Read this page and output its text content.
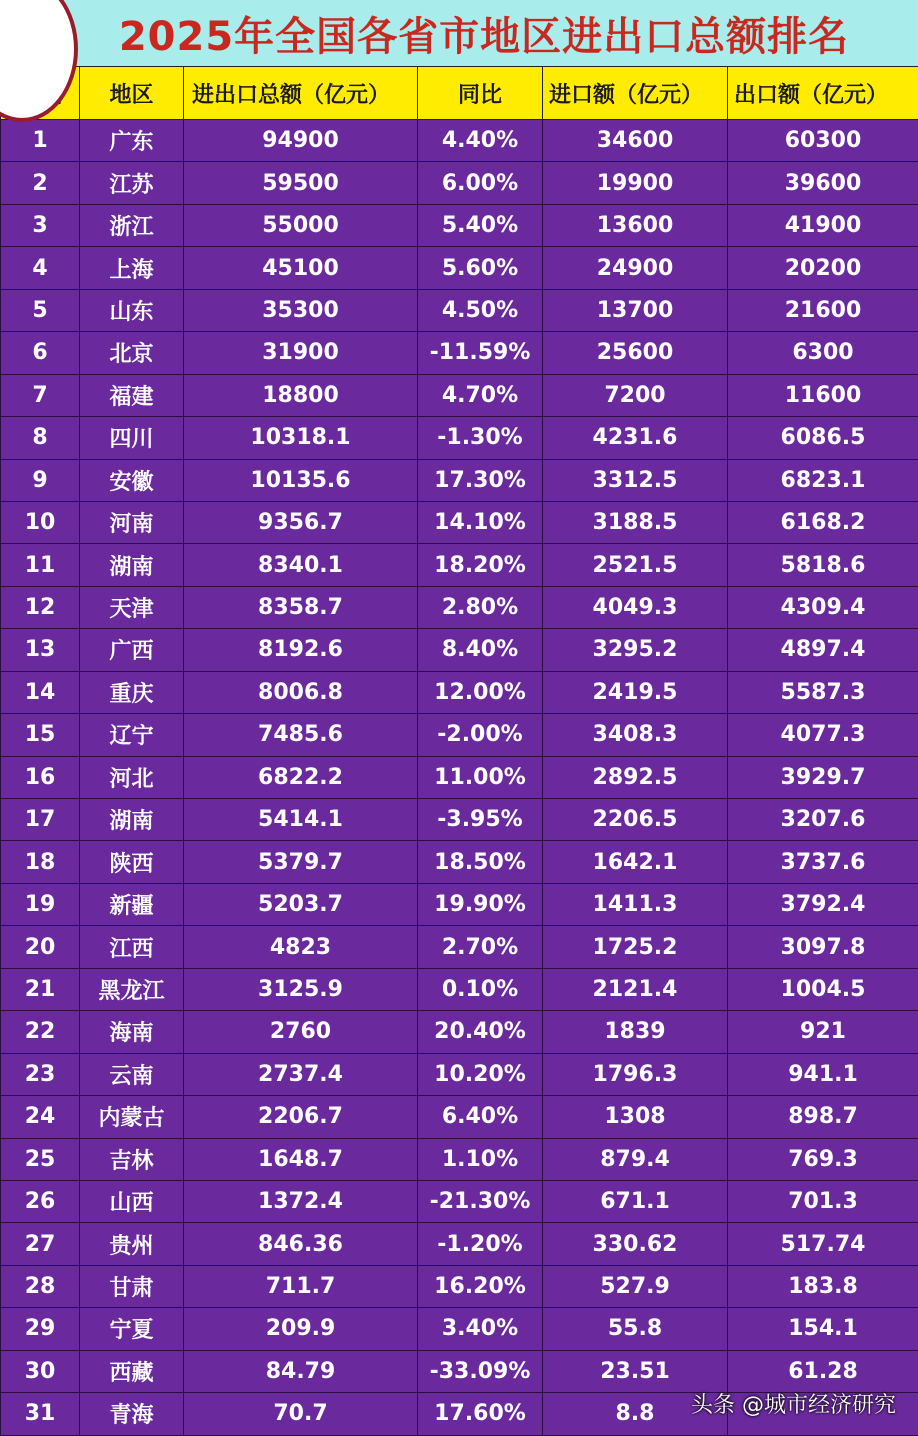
2025年全国各省市地区进出口总额排名
	地区	进出口总额（亿元）	同比	进口额（亿元）	出口额（亿元）
1	广东	94900	4.40%	34600	60300
2	江苏	59500	6.00%	19900	39600
3	浙江	55000	5.40%	13600	41900
4	上海	45100	5.60%	24900	20200
5	山东	35300	4.50%	13700	21600
6	北京	31900	-11.59%	25600	6300
7	福建	18800	4.70%	7200	11600
8	四川	10318.1	-1.30%	4231.6	6086.5
9	安徽	10135.6	17.30%	3312.5	6823.1
10	河南	9356.7	14.10%	3188.5	6168.2
11	湖南	8340.1	18.20%	2521.5	5818.6
12	天津	8358.7	2.80%	4049.3	4309.4
13	广西	8192.6	8.40%	3295.2	4897.4
14	重庆	8006.8	12.00%	2419.5	5587.3
15	辽宁	7485.6	-2.00%	3408.3	4077.3
16	河北	6822.2	11.00%	2892.5	3929.7
17	湖南	5414.1	-3.95%	2206.5	3207.6
18	陕西	5379.7	18.50%	1642.1	3737.6
19	新疆	5203.7	19.90%	1411.3	3792.4
20	江西	4823	2.70%	1725.2	3097.8
21	黑龙江	3125.9	0.10%	2121.4	1004.5
22	海南	2760	20.40%	1839	921
23	云南	2737.4	10.20%	1796.3	941.1
24	内蒙古	2206.7	6.40%	1308	898.7
25	吉林	1648.7	1.10%	879.4	769.3
26	山西	1372.4	-21.30%	671.1	701.3
27	贵州	846.36	-1.20%	330.62	517.74
28	甘肃	711.7	16.20%	527.9	183.8
29	宁夏	209.9	3.40%	55.8	154.1
30	西藏	84.79	-33.09%	23.51	61.28
31	青海	70.7	17.60%	8.8	头条 @城市经济研究
